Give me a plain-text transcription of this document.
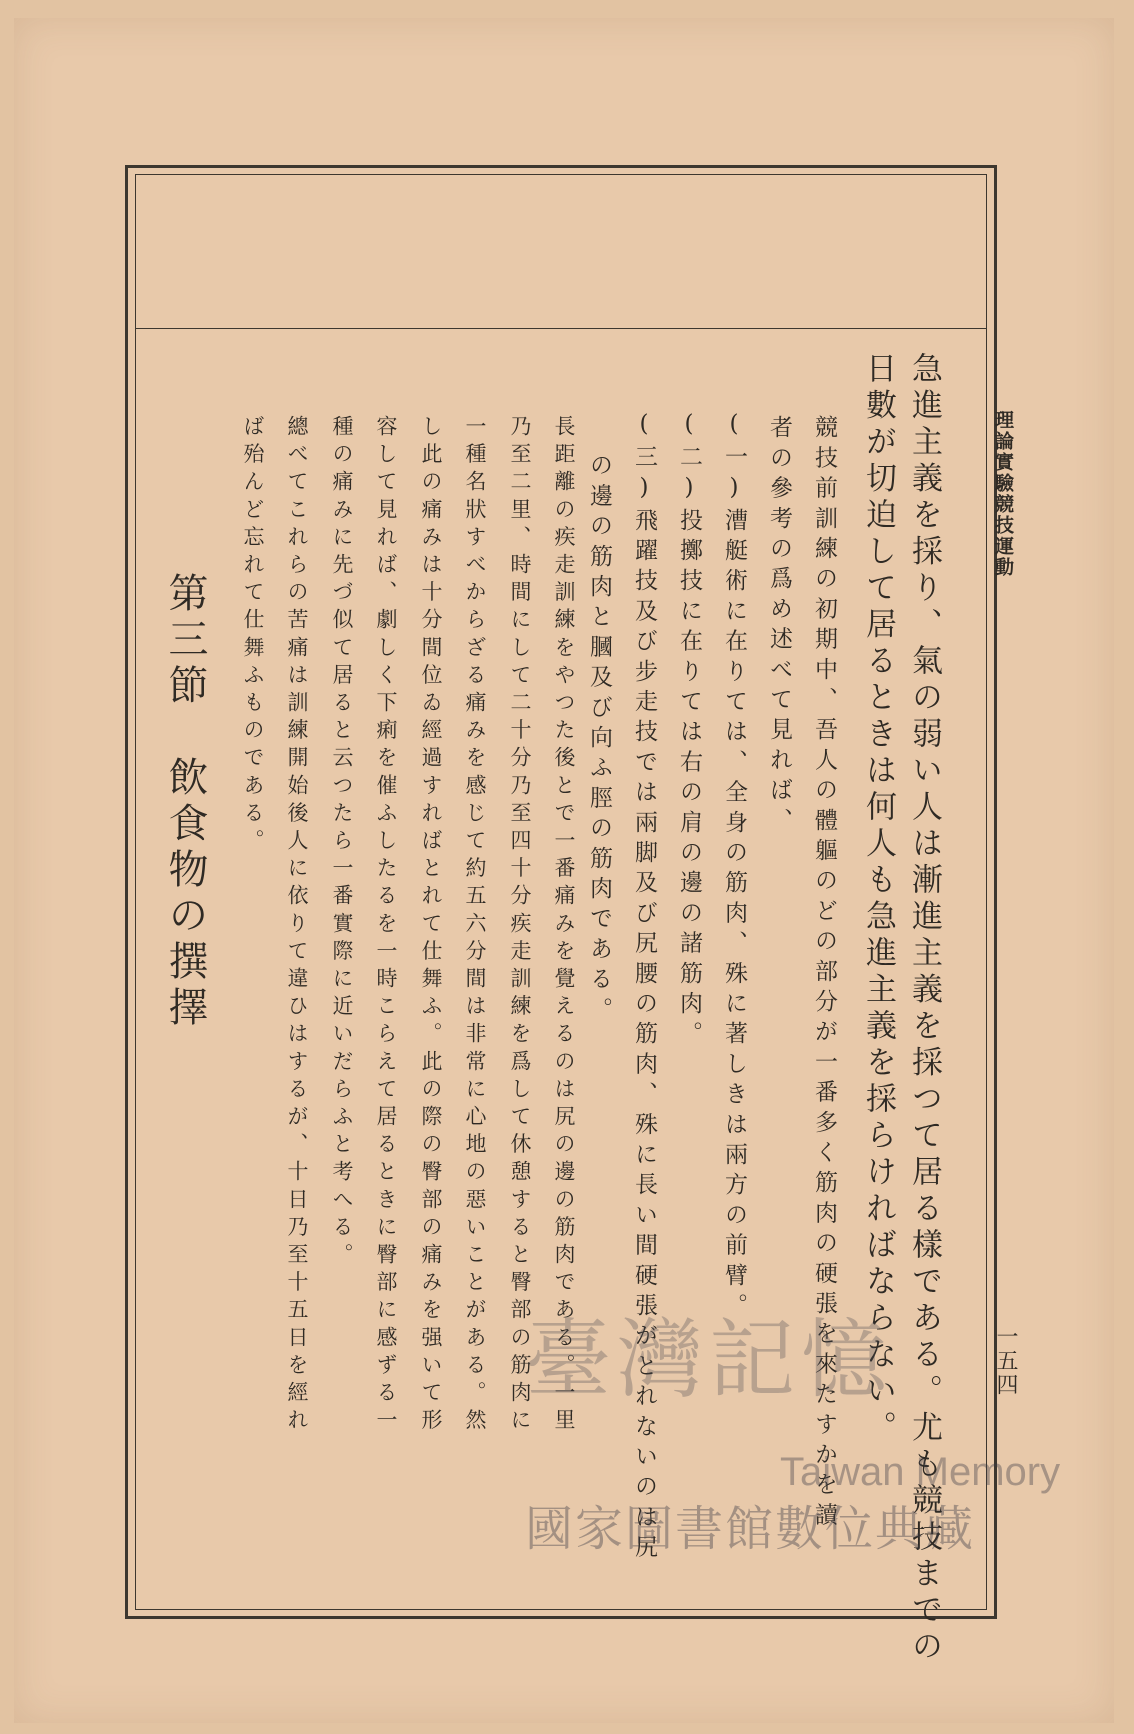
理論實驗競技運動
一五四
急進主義を採り、氣の弱い人は漸進主義を採つて居る樣である。尤も競技までの
日數が切迫して居るときは何人も急進主義を採らければならない。
競技前訓練の初期中、吾人の體軀のどの部分が一番多く筋肉の硬張を來たすかを讀
者の參考の爲め述べて見れば、
(一)漕艇術に在りては、全身の筋肉、殊に著しきは兩方の前臂。
(二)投擲技に在りては右の肩の邊の諸筋肉。
(三)飛躍技及び步走技では兩脚及び尻腰の筋肉、殊に長い間硬張がとれないのは尻
の邊の筋肉と膕及び向ふ脛の筋肉である。
長距離の疾走訓練をやつた後とで一番痛みを覺えるのは尻の邊の筋肉である。一里
乃至二里、時間にして二十分乃至四十分疾走訓練を爲して休憩すると臀部の筋肉に
一種名狀すべからざる痛みを感じて約五六分間は非常に心地の惡いことがある。然
し此の痛みは十分間位ゐ經過すればとれて仕舞ふ。此の際の臀部の痛みを强いて形
容して見れば、劇しく下痢を催ふしたるを一時こらえて居るときに臀部に感ずる一
種の痛みに先づ似て居ると云つたら一番實際に近いだらふと考へる。
總べてこれらの苦痛は訓練開始後人に依りて違ひはするが、十日乃至十五日を經れ
ば殆んど忘れて仕舞ふものである。
第三節　飲食物の撰擇
臺灣記憶
Taiwan Memory
國家圖書館數位典藏
